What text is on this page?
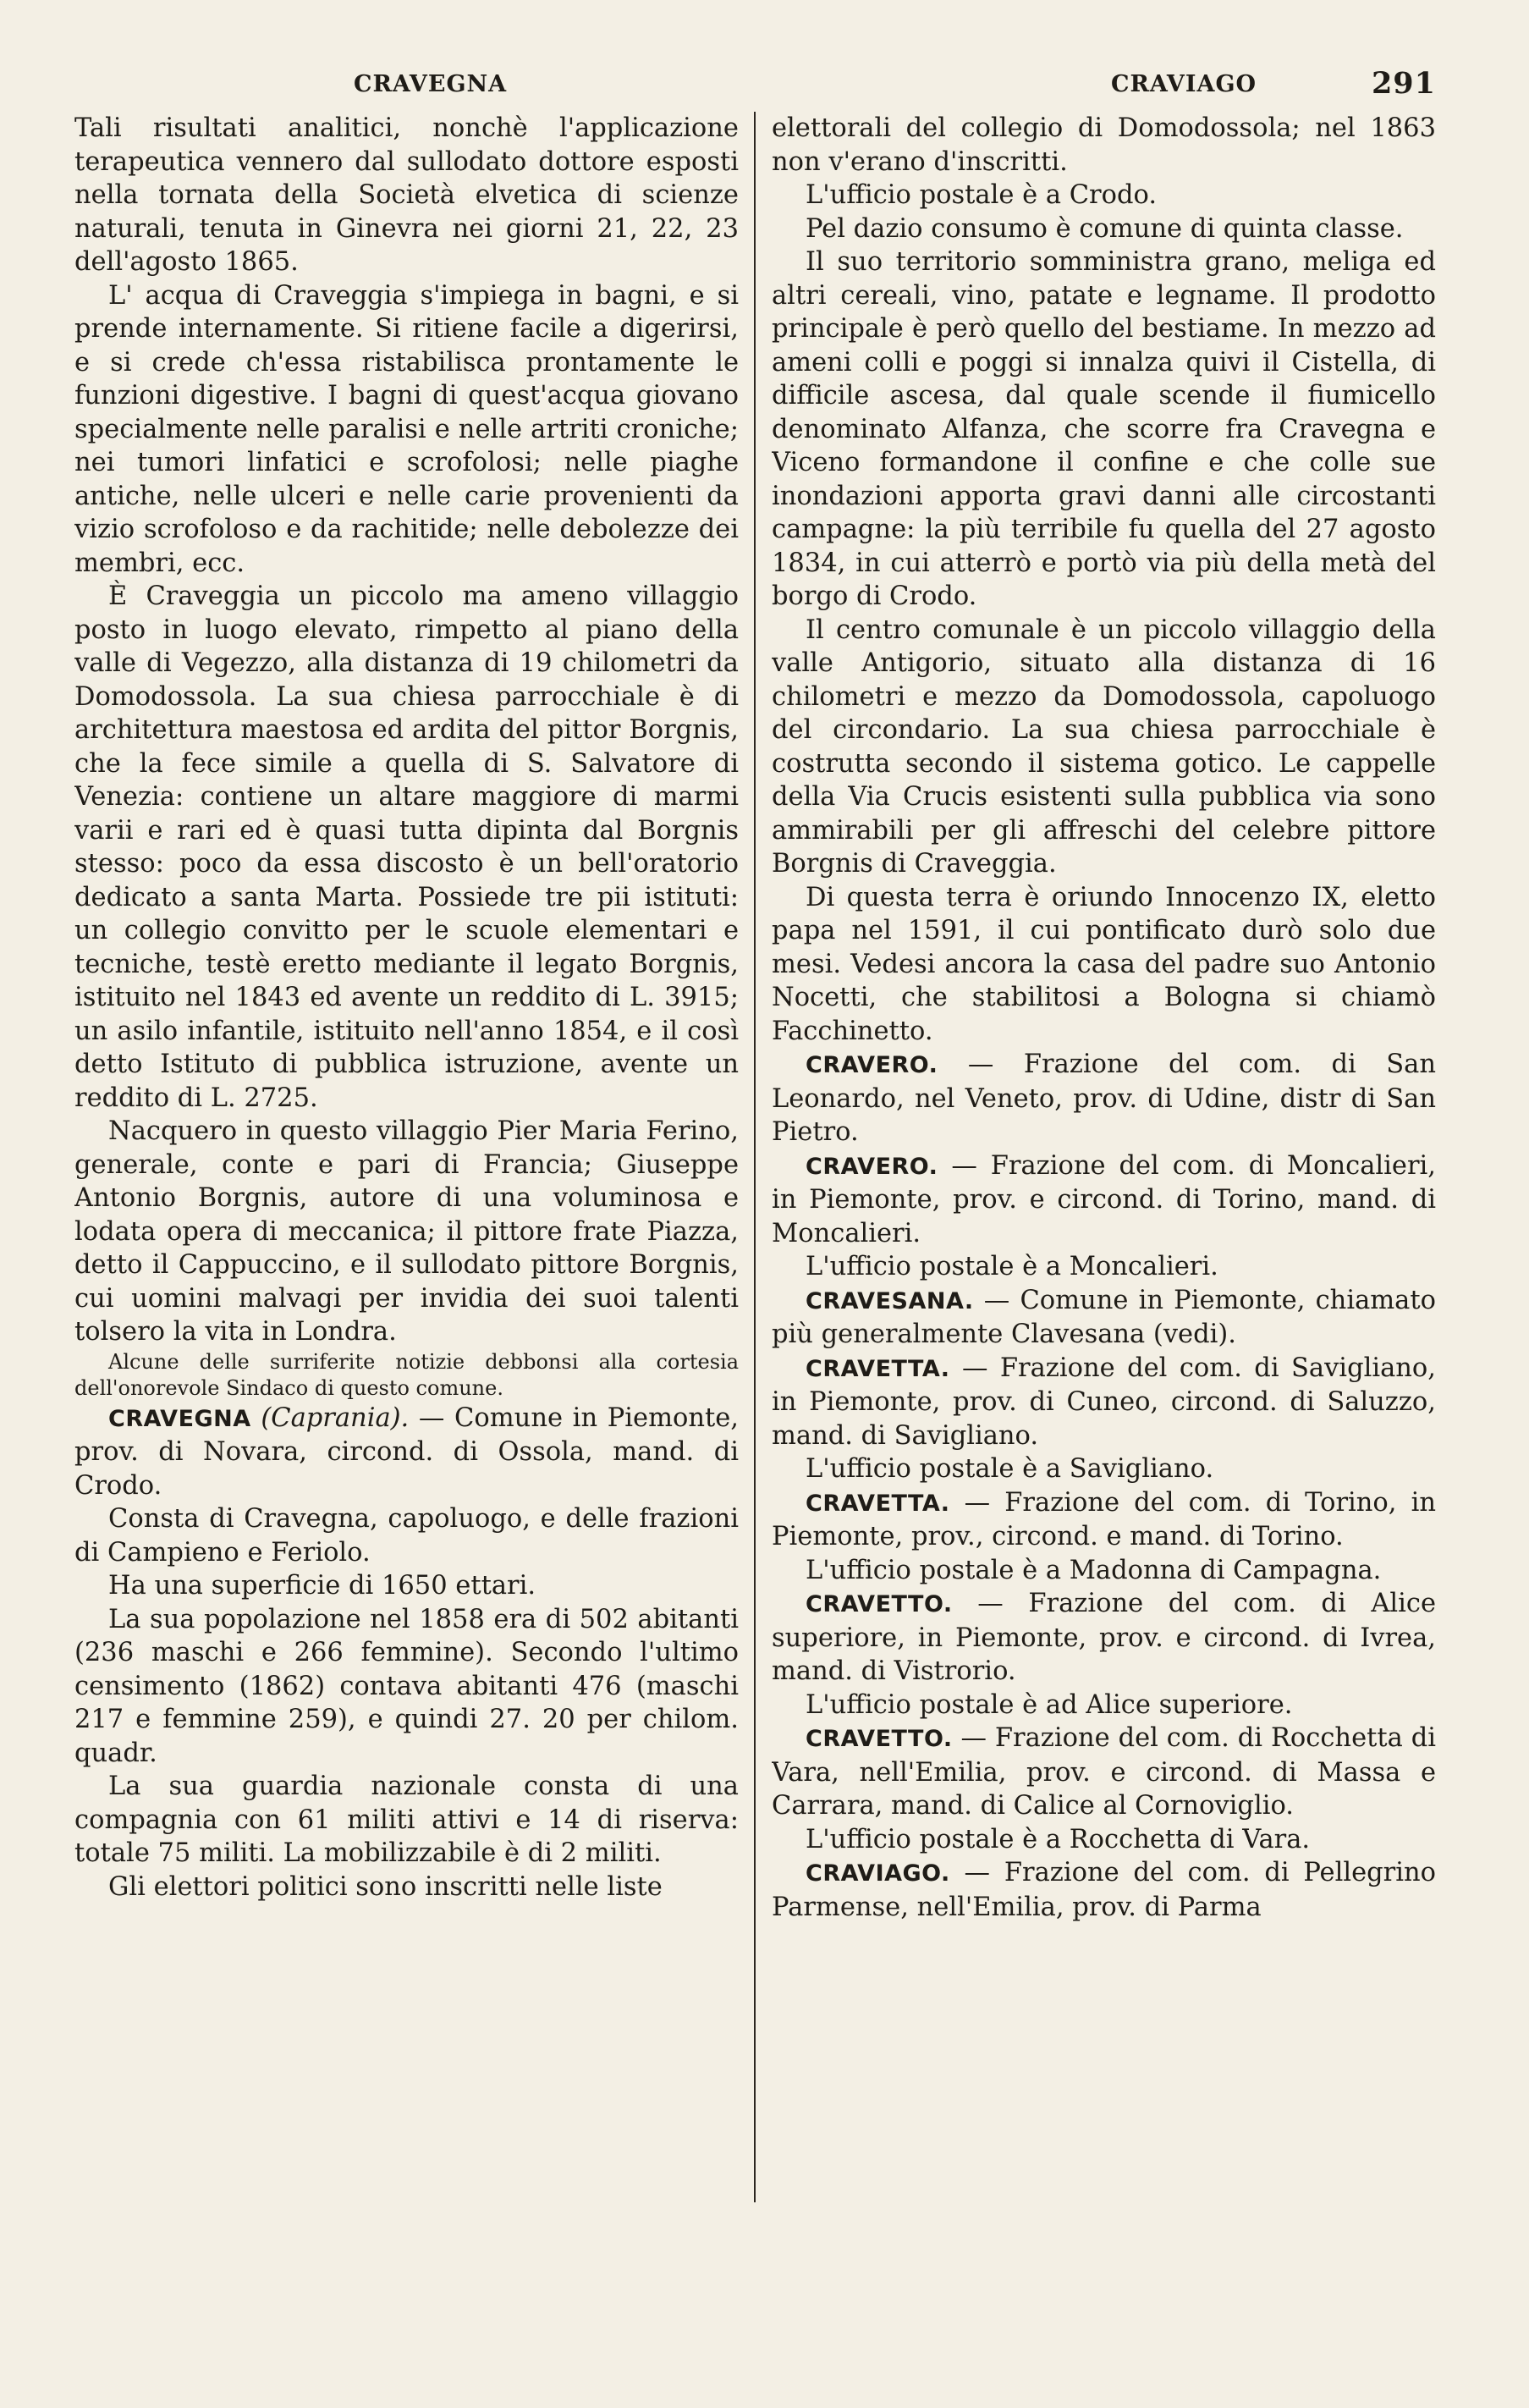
CRAVEGNA	CRAVIAGO	291

Tali risultati analitici, nonchè l'applicazione terapeutica vennero dal sullodato dottore esposti nella tornata della Società elvetica di scienze naturali, tenuta in Ginevra nei giorni 21, 22, 23 dell'agosto 1865.

L' acqua di Craveggia s'impiega in bagni, e si prende internamente. Si ritiene facile a digerirsi, e si crede ch'essa ristabilisca prontamente le funzioni digestive. I bagni di quest'acqua giovano specialmente nelle paralisi e nelle artriti croniche; nei tumori linfatici e scrofolosi; nelle piaghe antiche, nelle ulceri e nelle carie provenienti da vizio scrofoloso e da rachitide; nelle debolezze dei membri, ecc.

È Craveggia un piccolo ma ameno villaggio posto in luogo elevato, rimpetto al piano della valle di Vegezzo, alla distanza di 19 chilometri da Domodossola. La sua chiesa parrocchiale è di architettura maestosa ed ardita del pittor Borgnis, che la fece simile a quella di S. Salvatore di Venezia: contiene un altare maggiore di marmi varii e rari ed è quasi tutta dipinta dal Borgnis stesso: poco da essa discosto è un bell'oratorio dedicato a santa Marta. Possiede tre pii istituti: un collegio convitto per le scuole elementari e tecniche, testè eretto mediante il legato Borgnis, istituito nel 1843 ed avente un reddito di L. 3915; un asilo infantile, istituito nell'anno 1854, e il così detto Istituto di pubblica istruzione, avente un reddito di L. 2725.

Nacquero in questo villaggio Pier Maria Ferino, generale, conte e pari di Francia; Giuseppe Antonio Borgnis, autore di una voluminosa e lodata opera di meccanica; il pittore frate Piazza, detto il Cappuccino, e il sullodato pittore Borgnis, cui uomini malvagi per invidia dei suoi talenti tolsero la vita in Londra.

Alcune delle surriferite notizie debbonsi alla cortesia dell'onorevole Sindaco di questo comune.

CRAVEGNA (Caprania). — Comune in Piemonte, prov. di Novara, circond. di Ossola, mand. di Crodo.

Consta di Cravegna, capoluogo, e delle frazioni di Campieno e Feriolo.

Ha una superficie di 1650 ettari.

La sua popolazione nel 1858 era di 502 abitanti (236 maschi e 266 femmine). Secondo l'ultimo censimento (1862) contava abitanti 476 (maschi 217 e femmine 259), e quindi 27. 20 per chilom. quadr.

La sua guardia nazionale consta di una compagnia con 61 militi attivi e 14 di riserva: totale 75 militi. La mobilizzabile è di 2 militi.

Gli elettori politici sono inscritti nelle liste

elettorali del collegio di Domodossola; nel 1863 non v'erano d'inscritti.

L'ufficio postale è a Crodo.

Pel dazio consumo è comune di quinta classe.

Il suo territorio somministra grano, meliga ed altri cereali, vino, patate e legname. Il prodotto principale è però quello del bestiame. In mezzo ad ameni colli e poggi si innalza quivi il Cistella, di difficile ascesa, dal quale scende il fiumicello denominato Alfanza, che scorre fra Cravegna e Viceno formandone il confine e che colle sue inondazioni apporta gravi danni alle circostanti campagne: la più terribile fu quella del 27 agosto 1834, in cui atterrò e portò via più della metà del borgo di Crodo.

Il centro comunale è un piccolo villaggio della valle Antigorio, situato alla distanza di 16 chilometri e mezzo da Domodossola, capoluogo del circondario. La sua chiesa parrocchiale è costrutta secondo il sistema gotico. Le cappelle della Via Crucis esistenti sulla pubblica via sono ammirabili per gli affreschi del celebre pittore Borgnis di Craveggia.

Di questa terra è oriundo Innocenzo IX, eletto papa nel 1591, il cui pontificato durò solo due mesi. Vedesi ancora la casa del padre suo Antonio Nocetti, che stabilitosi a Bologna si chiamò Facchinetto.

CRAVERO. — Frazione del com. di San Leonardo, nel Veneto, prov. di Udine, distr di San Pietro.

CRAVERO. — Frazione del com. di Moncalieri, in Piemonte, prov. e circond. di Torino, mand. di Moncalieri.

L'ufficio postale è a Moncalieri.

CRAVESANA. — Comune in Piemonte, chiamato più generalmente Clavesana (vedi).

CRAVETTA. — Frazione del com. di Savigliano, in Piemonte, prov. di Cuneo, circond. di Saluzzo, mand. di Savigliano.

L'ufficio postale è a Savigliano.

CRAVETTA. — Frazione del com. di Torino, in Piemonte, prov., circond. e mand. di Torino.

L'ufficio postale è a Madonna di Campagna.

CRAVETTO. — Frazione del com. di Alice superiore, in Piemonte, prov. e circond. di Ivrea, mand. di Vistrorio.

L'ufficio postale è ad Alice superiore.

CRAVETTO. — Frazione del com. di Rocchetta di Vara, nell'Emilia, prov. e circond. di Massa e Carrara, mand. di Calice al Cornoviglio.

L'ufficio postale è a Rocchetta di Vara.

CRAVIAGO. — Frazione del com. di Pellegrino Parmense, nell'Emilia, prov. di Parma
